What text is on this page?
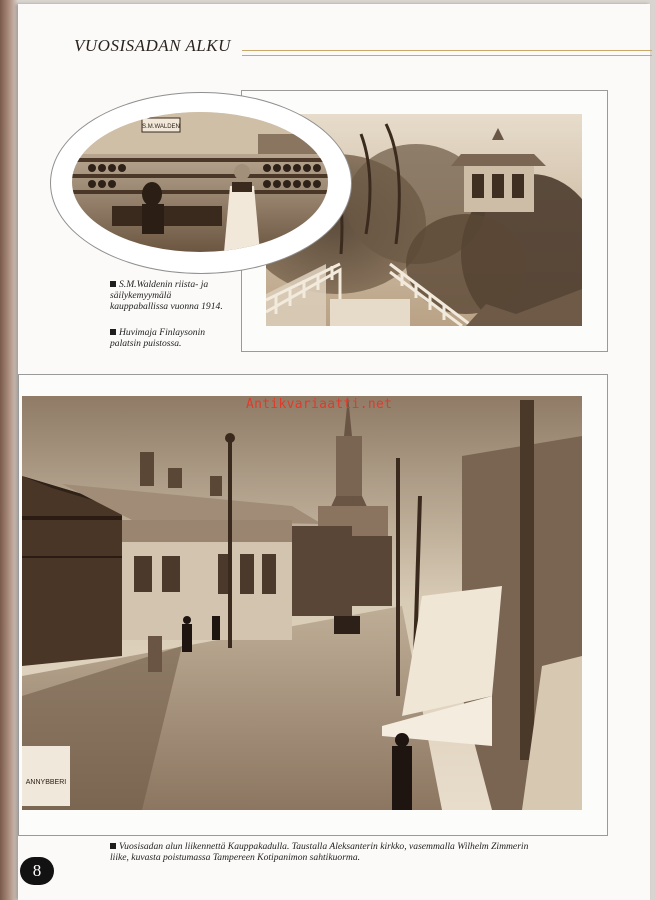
VUOSISADAN ALKU
S.M.WALDEN
S.M.Waldenin riista- ja säilykemyymälä kauppaballissa vuonna 1914.
Huvimaja Finlaysonin palatsin puistossa.
ANNYBBERI
Antikvariaatti.net
Vuosisadan alun liikennettä Kauppakadulla. Taustalla Aleksanterin kirkko, vasemmalla Wilhelm Zimmerin liike, kuvasta poistumassa Tampereen Kotipanimon sahtikuorma.
8
